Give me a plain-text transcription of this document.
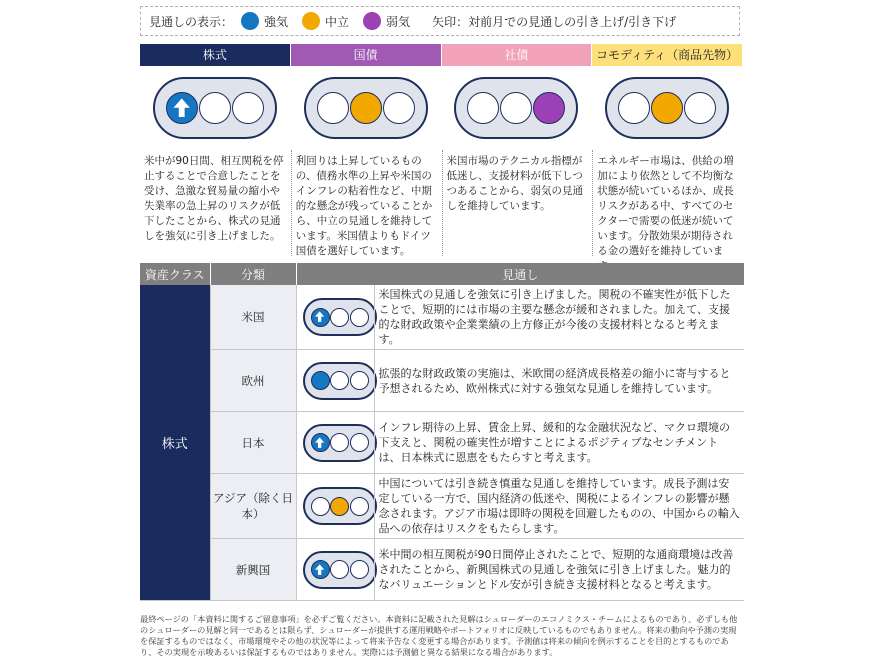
見通しの表示：	強気	中立	弱気 矢印：対前月での見通しの引き上げ/引き下げ
株式
米中が90日間、相互関税を停止することで合意したことを受け、急激な貿易量の縮小や失業率の急上昇のリスクが低下したことから、株式の見通しを強気に引き上げました。
国債
利回りは上昇しているものの、債務水準の上昇や米国のインフレの粘着性など、中期的な懸念が残っていることから、中立の見通しを維持しています。米国債よりもドイツ国債を選好しています。
社債
米国市場のテクニカル指標が低迷し、支援材料が低下しつつあることから、弱気の見通しを維持しています。
コモディティ（商品先物）
エネルギー市場は、供給の増加により依然として不均衡な状態が続いているほか、成長リスクがある中、すべてのセクターで需要の低迷が続いています。分散効果が期待される金の選好を維持していま
資産クラス	分類	見通し	
株式	米国		米国株式の見通しを強気に引き上げました。関税の不確実性が低下したことで、短期的には市場の主要な懸念が緩和されました。加えて、支援的な財政政策や企業業績の上方修正が今後の支援材料となると考えます。
	欧州		拡張的な財政政策の実施は、米欧間の経済成長格差の縮小に寄与すると予想されるため、欧州株式に対する強気な見通しを維持しています。
	日本		インフレ期待の上昇、賃金上昇、緩和的な金融状況など、マクロ環境の下支えと、関税の確実性が増すことによるポジティブなセンチメントは、日本株式に恩恵をもたらすと考えます。
	アジア（除く日本）		中国については引き続き慎重な見通しを維持しています。成長予測は安定している一方で、国内経済の低迷や、関税によるインフレの影響が懸念されます。アジア市場は即時の関税を回避したものの、中国からの輸入品への依存はリスクをもたらします。
	新興国		米中間の相互関税が90日間停止されたことで、短期的な通商環境は改善されたことから、新興国株式の見通しを強気に引き上げました。魅力的なバリュエーションとドル安が引き続き支援材料となると考えます。
最終ページの「本資料に関するご留意事項」を必ずご覧ください。本資料に記載された見解はシュローダーのエコノミクス・チームによるものであり、必ずしも他のシュローダーの見解と同一であるとは限らず、シュローダーが提供する運用戦略やポートフォリオに反映しているものでもありません。将来の動向や予測の実現を保証するものではなく、市場環境やその他の状況等によって将来予告なく変更する場合があります。予測値は将来の傾向を例示することを目的とするものであり、その実現を示唆あるいは保証するものではありません。実際には予測値と異なる結果になる場合があります。
